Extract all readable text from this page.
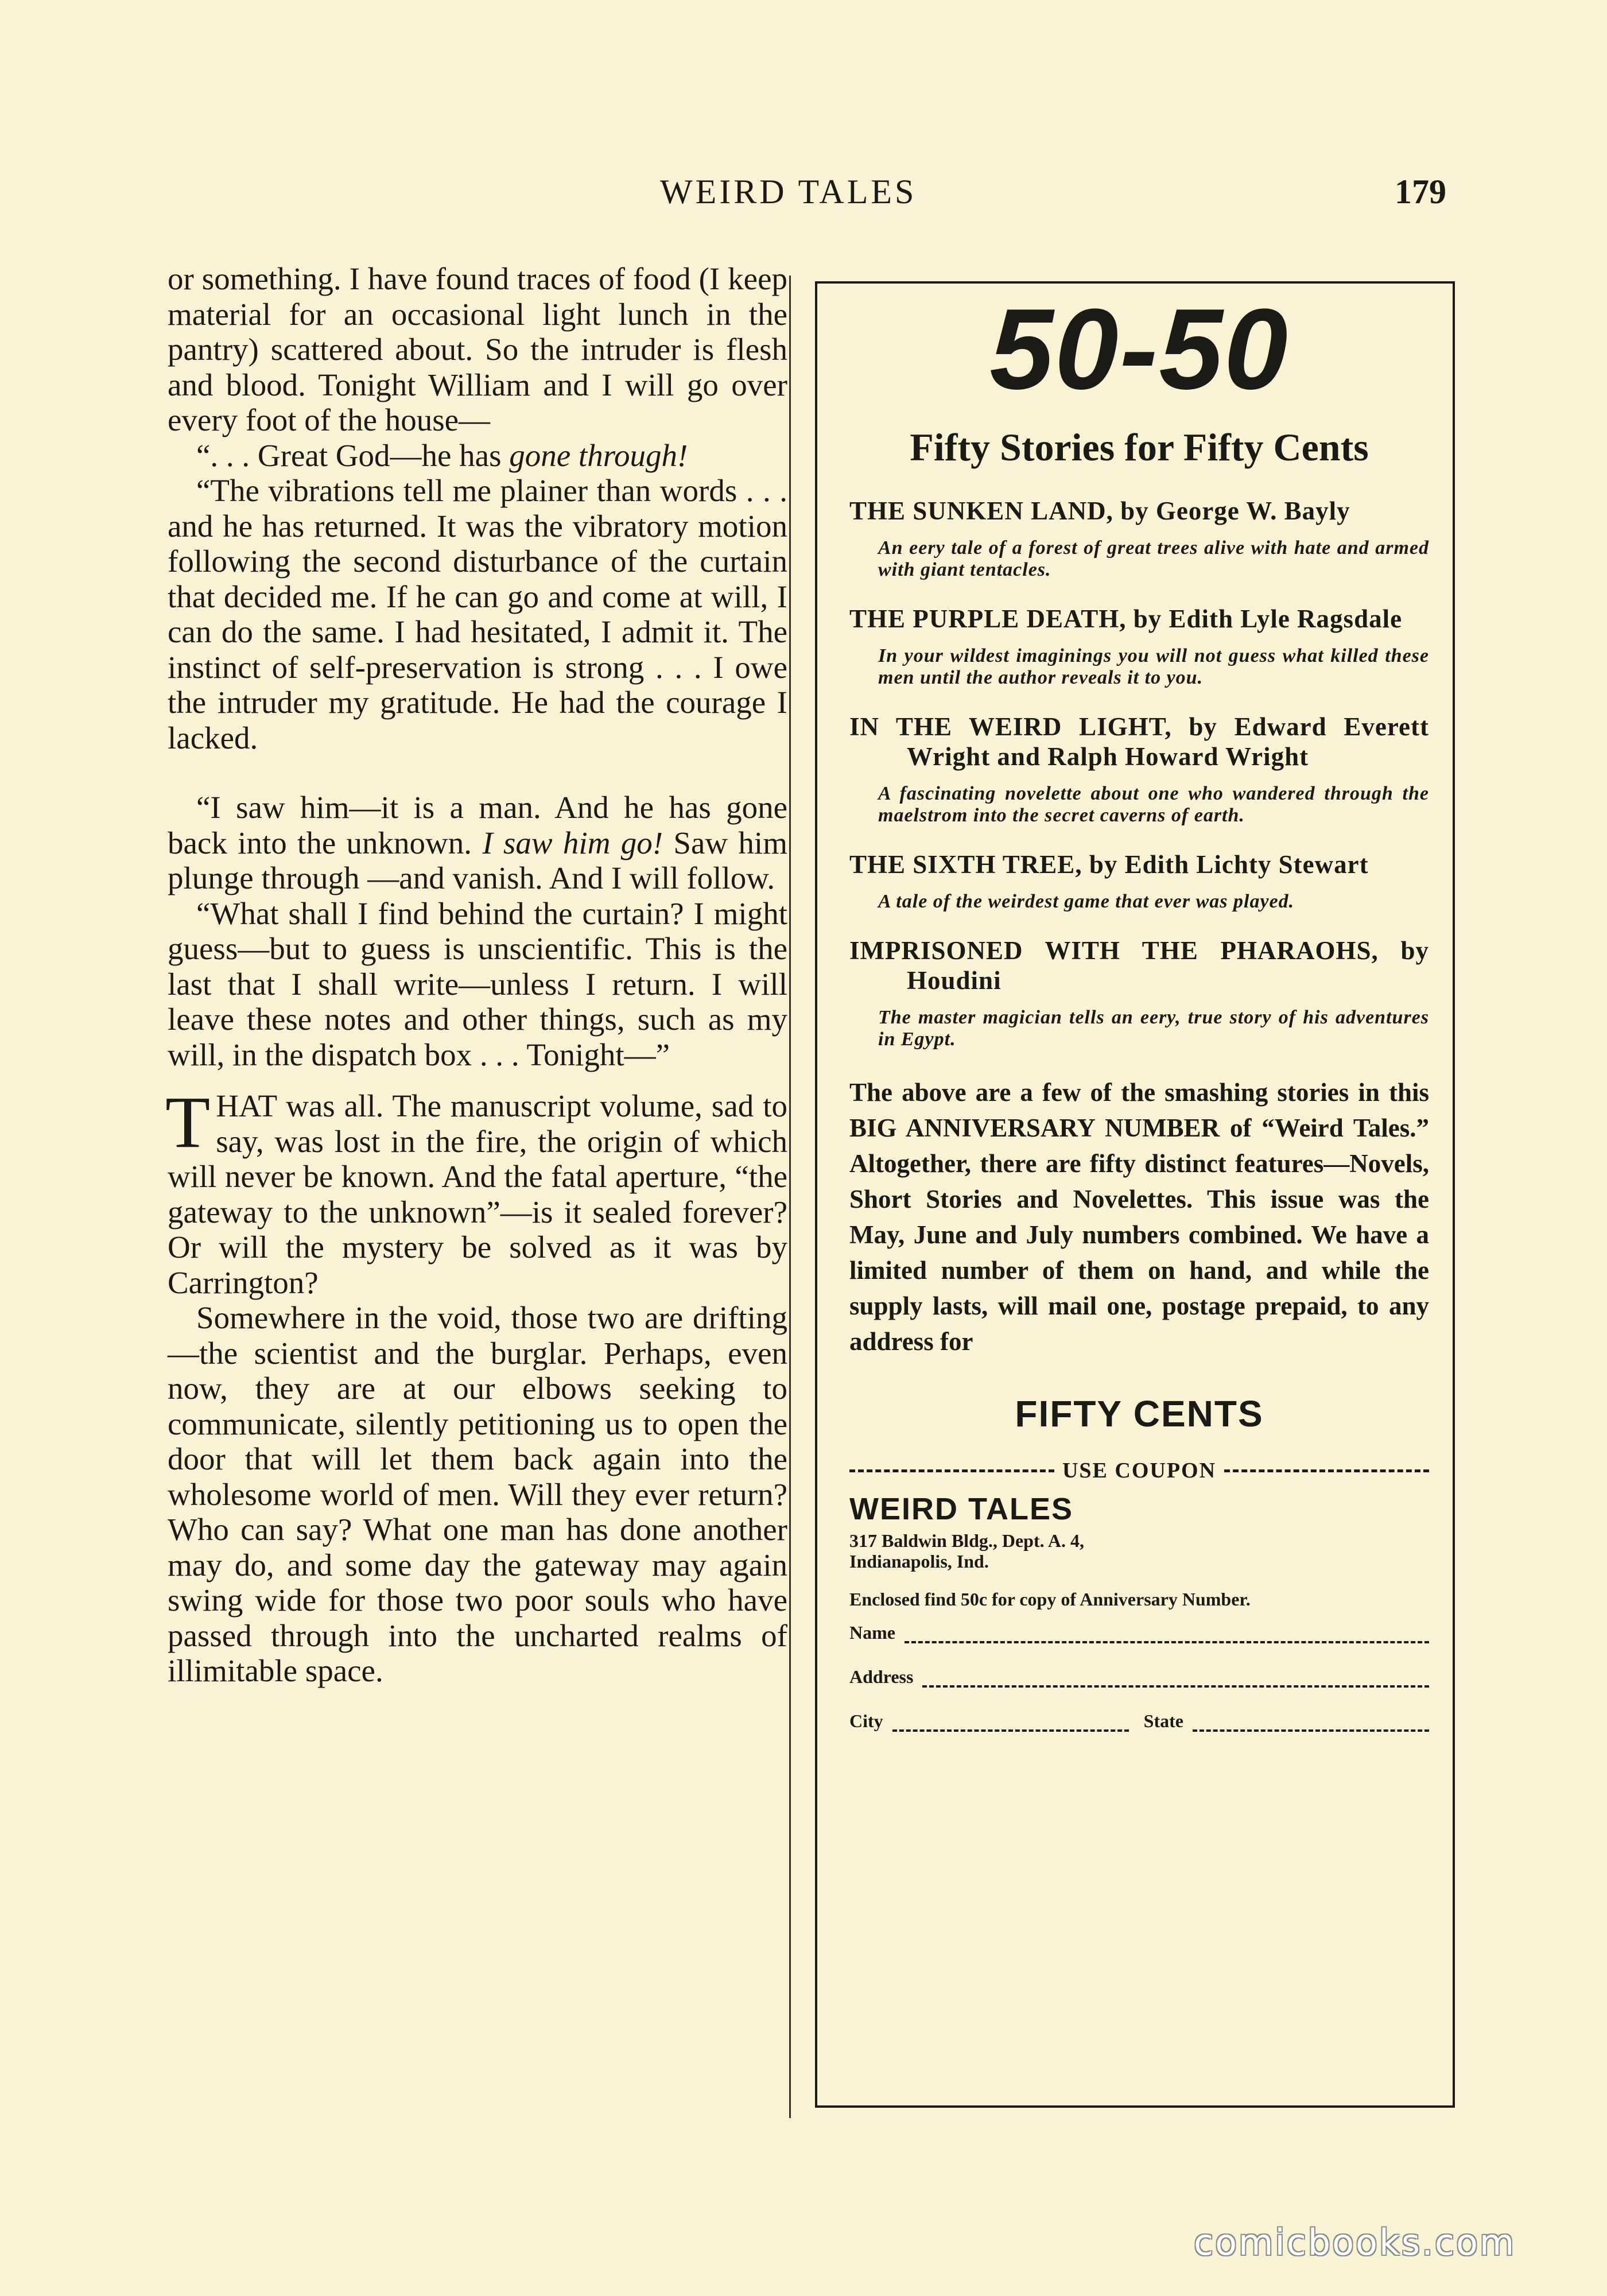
WEIRD TALES	179

or something. I have found traces of food (I keep material for an occasional light lunch in the pantry) scattered about. So the intruder is flesh and blood. Tonight William and I will go over every foot of the house—

“. . . Great God—he has gone through!

“The vibrations tell me plainer than words . . . and he has returned. It was the vibratory motion following the second disturbance of the curtain that decided me. If he can go and come at will, I can do the same. I had hesitated, I admit it. The instinct of self-preservation is strong . . . I owe the intruder my gratitude. He had the courage I lacked.

“I saw him—it is a man. And he has gone back into the unknown. I saw him go! Saw him plunge through —and vanish. And I will follow.

“What shall I find behind the curtain? I might guess—but to guess is unscientific. This is the last that I shall write—unless I return. I will leave these notes and other things, such as my will, in the dispatch box . . . Tonight—”

THAT was all. The manuscript volume, sad to say, was lost in the fire, the origin of which will never be known. And the fatal aperture, “the gateway to the unknown”—is it sealed forever? Or will the mystery be solved as it was by Carrington?

Somewhere in the void, those two are drifting—the scientist and the burglar. Perhaps, even now, they are at our elbows seeking to communicate, silently petitioning us to open the door that will let them back again into the wholesome world of men. Will they ever return? Who can say? What one man has done another may do, and some day the gateway may again swing wide for those two poor souls who have passed through into the uncharted realms of illimitable space.

50-50
Fifty Stories for Fifty Cents
THE SUNKEN LAND, by George W. Bayly
An eery tale of a forest of great trees alive with hate and armed with giant tentacles.
THE PURPLE DEATH, by Edith Lyle Ragsdale
In your wildest imaginings you will not guess what killed these men until the author reveals it to you.
IN THE WEIRD LIGHT, by Edward Everett Wright and Ralph Howard Wright
A fascinating novelette about one who wandered through the maelstrom into the secret caverns of earth.
THE SIXTH TREE, by Edith Lichty Stewart
A tale of the weirdest game that ever was played.
IMPRISONED WITH THE PHARAOHS, by Houdini
The master magician tells an eery, true story of his adventures in Egypt.
The above are a few of the smashing stories in this BIG ANNIVERSARY NUMBER of “Weird Tales.” Altogether, there are fifty distinct features—Novels, Short Stories and Novelettes. This issue was the May, June and July numbers combined. We have a limited number of them on hand, and while the supply lasts, will mail one, postage prepaid, to any address for
FIFTY CENTS
USE COUPON
WEIRD TALES
317 Baldwin Bldg., Dept. A. 4,
Indianapolis, Ind.
Enclosed find 50c for copy of Anniversary Number.
Name
Address
City	State
comicbooks.com
